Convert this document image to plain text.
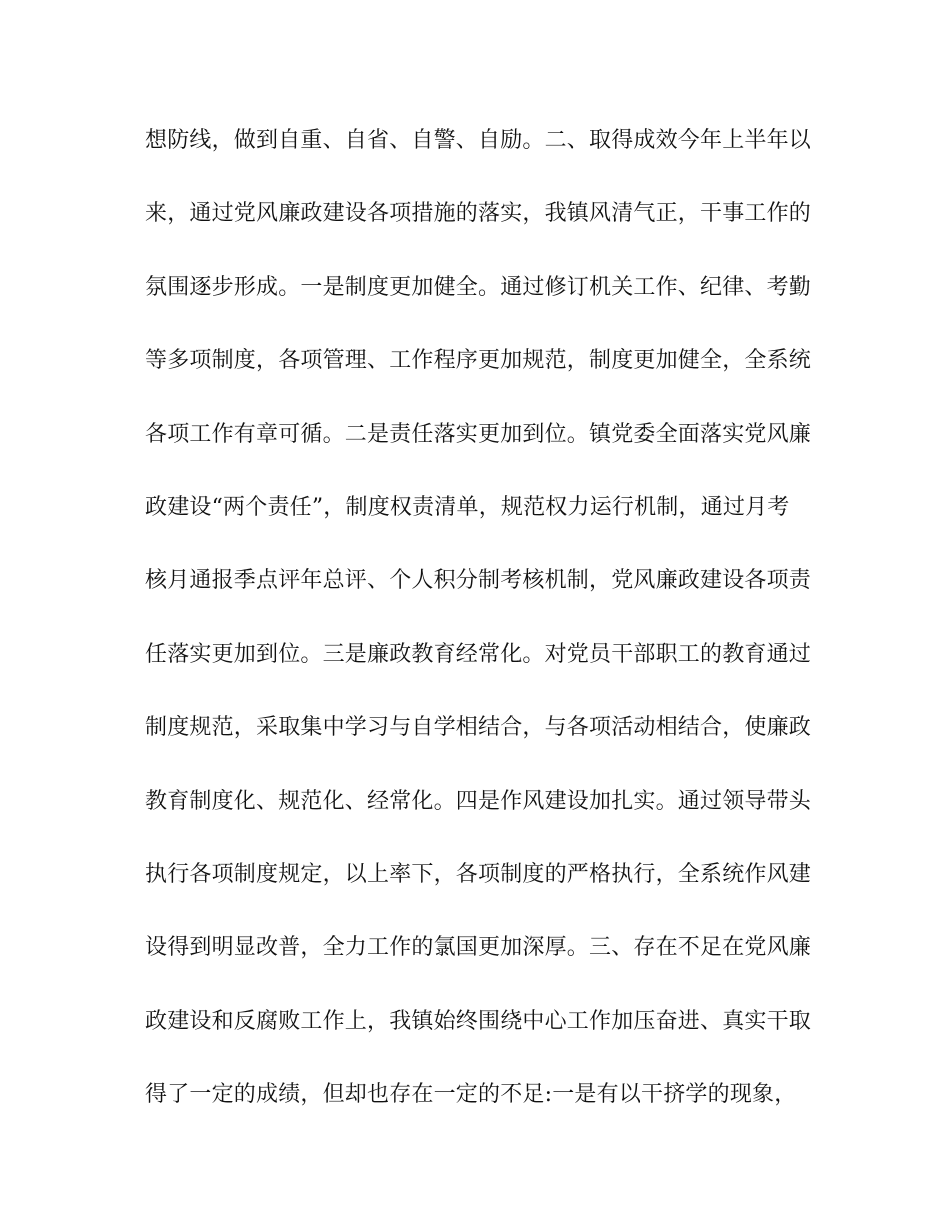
想防线，做到自重、自省、自警、自励。二、取得成效今年上半年以
来，通过党风廉政建设各项措施的落实，我镇风清气正，干事工作的
氛围逐步形成。一是制度更加健全。通过修订机关工作、纪律、考勤
等多项制度，各项管理、工作程序更加规范，制度更加健全，全系统
各项工作有章可循。二是责任落实更加到位。镇党委全面落实党风廉
政建设“两个责任”，制度权责清单，规范权力运行机制，通过月考
核月通报季点评年总评、个人积分制考核机制，党风廉政建设各项责
任落实更加到位。三是廉政教育经常化。对党员干部职工的教育通过
制度规范，采取集中学习与自学相结合，与各项活动相结合，使廉政
教育制度化、规范化、经常化。四是作风建设加扎实。通过领导带头
执行各项制度规定，以上率下，各项制度的严格执行，全系统作风建
设得到明显改普，全力工作的氯国更加深厚。三、存在不足在党风廉
政建设和反腐败工作上，我镇始终围绕中心工作加压奋进、真实干取
得了一定的成绩，但却也存在一定的不足:一是有以干挤学的现象，
